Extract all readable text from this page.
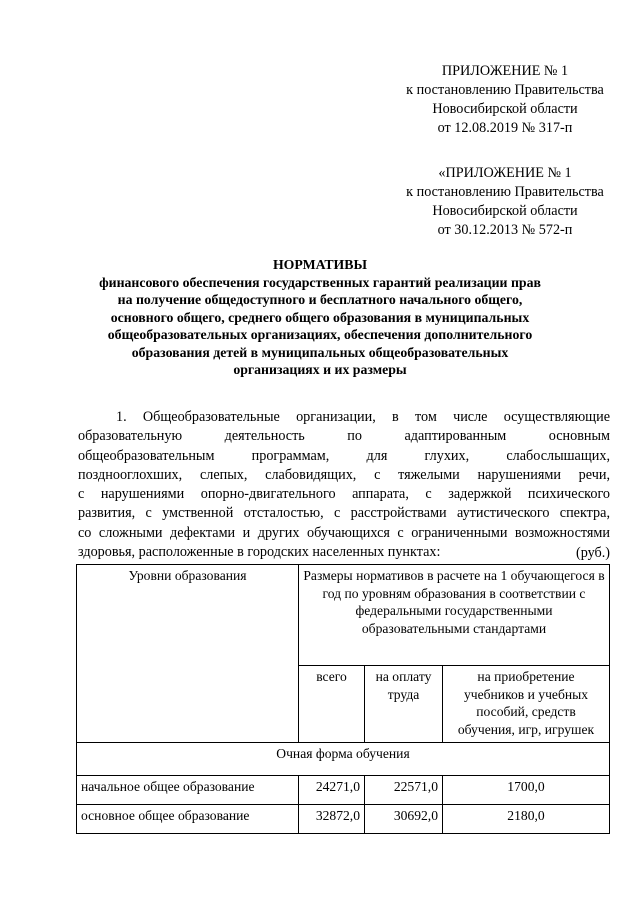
ПРИЛОЖЕНИЕ № 1
к постановлению Правительства
Новосибирской области
от 12.08.2019 № 317-п
«ПРИЛОЖЕНИЕ № 1
к постановлению Правительства
Новосибирской области
от 30.12.2013 № 572-п
НОРМАТИВЫ
финансового обеспечения государственных гарантий реализации прав
на получение общедоступного и бесплатного начального общего,
основного общего, среднего общего образования в муниципальных
общеобразовательных организациях, обеспечения дополнительного
образования детей в муниципальных общеобразовательных
организациях и их размеры
1. Общеобразовательные организации, в том числе осуществляющие
образовательную деятельность по адаптированным основным
общеобразовательным программам, для глухих, слабослышащих,
позднооглохших, слепых, слабовидящих, с тяжелыми нарушениями речи,
с нарушениями опорно-двигательного аппарата, с задержкой психического
развития, с умственной отсталостью, с расстройствами аутистического спектра,
со сложными дефектами и других обучающихся с ограниченными возможностями
здоровья, расположенные в городских населенных пунктах:	(руб.)
Уровни образования	Размеры нормативов в расчете на 1 обучающегося в год по уровням образования в соответствии с федеральными государственными образовательными стандартами		
	всего	на оплату труда	на приобретение учебников и учебных пособий, средств обучения, игр, игрушек
Очная форма обучения			
начальное общее образование	24271,0	22571,0	1700,0
основное общее образование	32872,0	30692,0	2180,0
